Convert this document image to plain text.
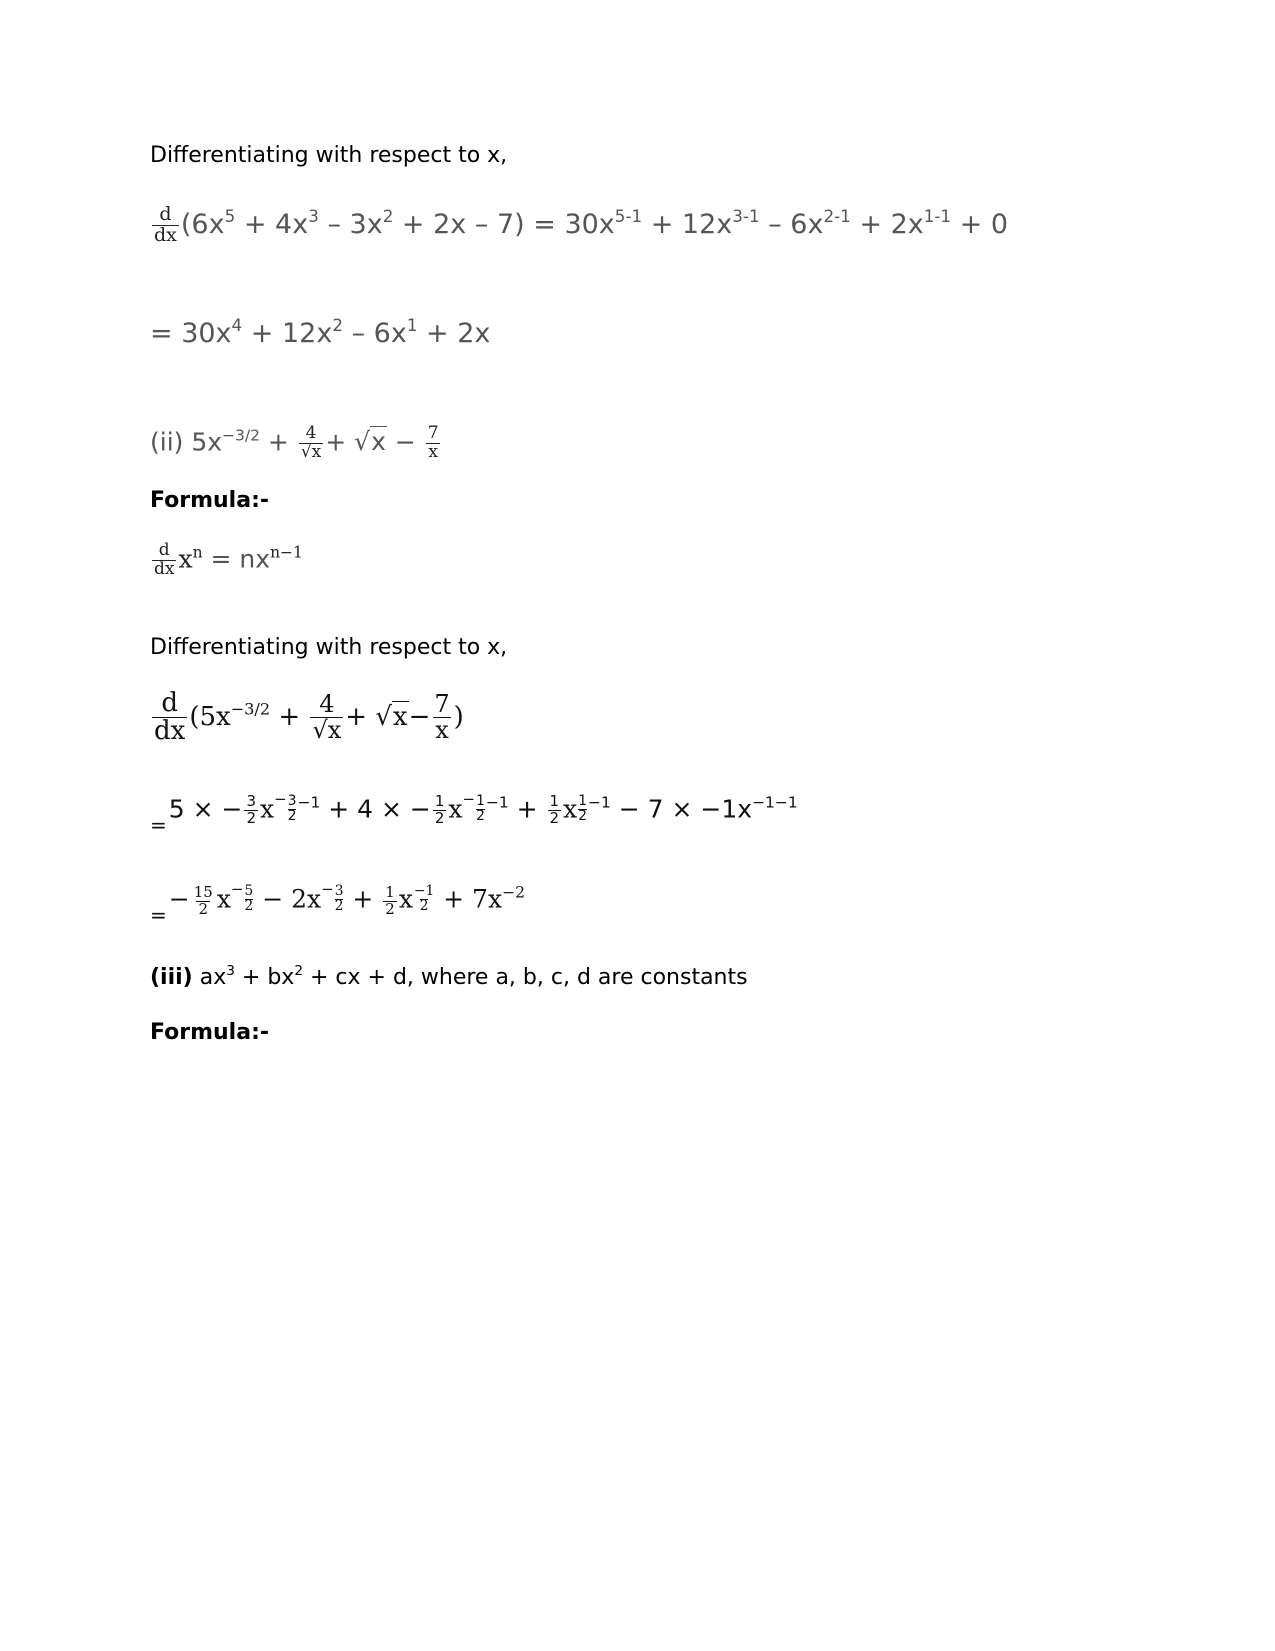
Differentiating with respect to x,
$\frac{d}{dx} (6x^5 + 4x^3 - 3x^2 + 2x - 7) = 30x^{5-1} + 12x^{3-1} - 6x^{2-1} + 2x^{1-1} + 0$
= $30x^4 + 12x^2 - 6x^1 + 2x$
(ii) $5x^{-3/2} + \frac{4}{√x} + √x - \frac{7}{x}$
Formula:-
$\frac{d}{dx} x^n = nx^{n-1}$
Differentiating with respect to x,
$\frac{d}{dx} (5x^{-3/2} + \frac{4}{√x} + √x- \frac{7}{x}$ )
$_=$5 × − $\frac{3}{2} x^- \frac{3}{2} ^{-1} + 4$ × − $\frac{1}{2} x^- \frac{1}{2} ^{-1} + \frac{1}{2}$ x $\frac{1}{2} ^{-1} - 7 \times -1x^{-1-1}$
$_=- \frac{15}{2} x^- \frac{5}{2} - 2x^- \frac{3}{2} + \frac{1}{2}$ x $\frac{-1}{2} + 7x^{-2}$
(iii) $ax^3 + bx^2$ + cx + d, where a, b, c, d are constants
Formula:-
